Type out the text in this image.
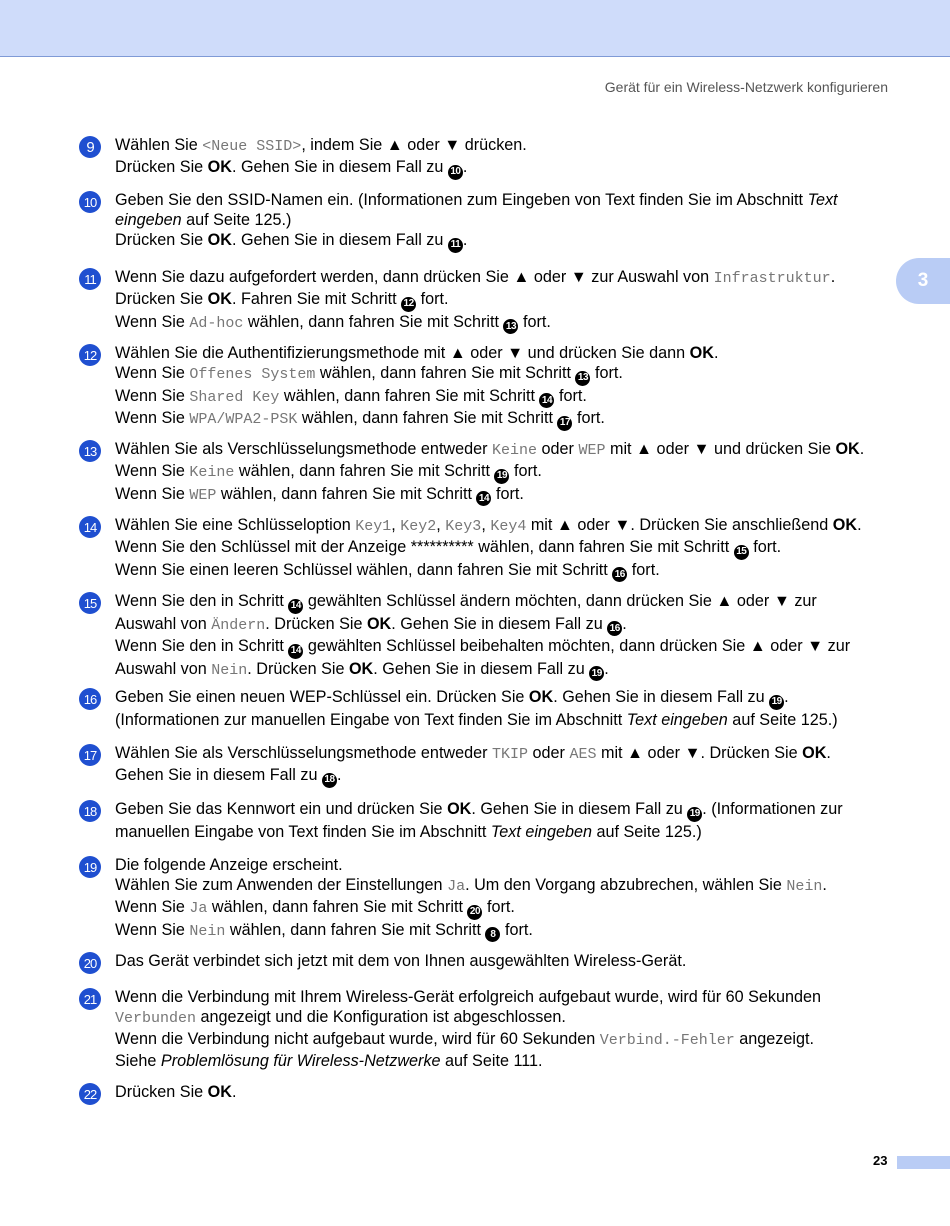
Gerät für ein Wireless-Netzwerk konfigurieren
3
9	Wählen Sie <Neue SSID>, indem Sie ▲ oder ▼ drücken.
Drücken Sie OK. Gehen Sie in diesem Fall zu 10 .
10 Geben Sie den SSID-Namen ein. (Informationen zum Eingeben von Text finden Sie im Abschnitt Text
eingeben auf Seite 125.)
Drücken Sie OK. Gehen Sie in diesem Fall zu 11 .
11	Wenn Sie dazu aufgefordert werden, dann drücken Sie ▲ oder ▼ zur Auswahl von Infrastruktur.
Drücken Sie OK. Fahren Sie mit Schritt 12 fort.
Wenn Sie Ad-hoc wählen, dann fahren Sie mit Schritt 13 fort.
12 Wählen Sie die Authentifizierungsmethode mit ▲ oder ▼ und drücken Sie dann OK.
Wenn Sie Offenes System wählen, dann fahren Sie mit Schritt 13 fort.
Wenn Sie Shared Key wählen, dann fahren Sie mit Schritt 14 fort.
Wenn Sie WPA/WPA2-PSK wählen, dann fahren Sie mit Schritt 17 fort.
13 Wählen Sie als Verschlüsselungsmethode entweder Keine oder WEP mit ▲ oder ▼ und drücken Sie OK.
Wenn Sie Keine wählen, dann fahren Sie mit Schritt 19 fort.
Wenn Sie WEP wählen, dann fahren Sie mit Schritt 14 fort.
14 Wählen Sie eine Schlüsseloption Key1, Key2, Key3, Key4 mit ▲ oder ▼. Drücken Sie anschließend OK.
Wenn Sie den Schlüssel mit der Anzeige ********** wählen, dann fahren Sie mit Schritt 15 fort.
Wenn Sie einen leeren Schlüssel wählen, dann fahren Sie mit Schritt 16 fort.
15 Wenn Sie den in Schritt 14 gewählten Schlüssel ändern möchten, dann drücken Sie ▲ oder ▼ zur
Auswahl von Ändern. Drücken Sie OK. Gehen Sie in diesem Fall zu 16 .
Wenn Sie den in Schritt 14 gewählten Schlüssel beibehalten möchten, dann drücken Sie ▲ oder ▼ zur
Auswahl von Nein. Drücken Sie OK. Gehen Sie in diesem Fall zu 19 .
16 Geben Sie einen neuen WEP-Schlüssel ein. Drücken Sie OK. Gehen Sie in diesem Fall zu 19 .
(Informationen zur manuellen Eingabe von Text finden Sie im Abschnitt Text eingeben auf Seite 125.)
17 Wählen Sie als Verschlüsselungsmethode entweder TKIP oder AES mit ▲ oder ▼. Drücken Sie OK.
Gehen Sie in diesem Fall zu 18 .
18 Geben Sie das Kennwort ein und drücken Sie OK. Gehen Sie in diesem Fall zu 19 . (Informationen zur
manuellen Eingabe von Text finden Sie im Abschnitt Text eingeben auf Seite 125.)
19 Die folgende Anzeige erscheint.
Wählen Sie zum Anwenden der Einstellungen Ja. Um den Vorgang abzubrechen, wählen Sie Nein.
Wenn Sie Ja wählen, dann fahren Sie mit Schritt 20 fort.
Wenn Sie Nein wählen, dann fahren Sie mit Schritt 8 fort.
20 Das Gerät verbindet sich jetzt mit dem von Ihnen ausgewählten Wireless-Gerät.
21 Wenn die Verbindung mit Ihrem Wireless-Gerät erfolgreich aufgebaut wurde, wird für 60 Sekunden
Verbunden angezeigt und die Konfiguration ist abgeschlossen.
Wenn die Verbindung nicht aufgebaut wurde, wird für 60 Sekunden Verbind.-Fehler angezeigt.
Siehe Problemlösung für Wireless-Netzwerke auf Seite 111.
22 Drücken Sie OK.
23
